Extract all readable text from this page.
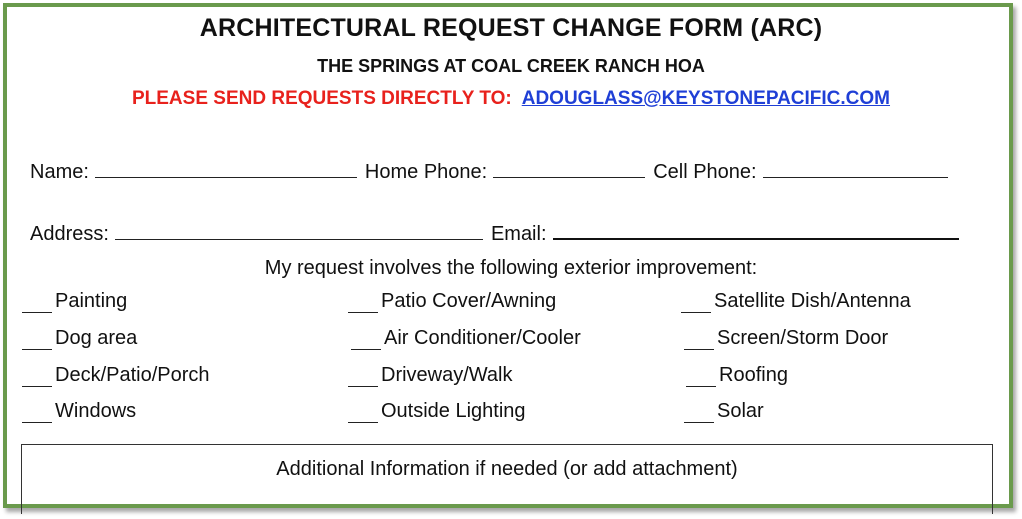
ARCHITECTURAL REQUEST CHANGE FORM (ARC)
THE SPRINGS AT COAL CREEK RANCH HOA
PLEASE SEND REQUESTS DIRECTLY TO: ADOUGLASS@KEYSTONEPACIFIC.COM
Name:	Home Phone:	Cell Phone:
Address:	Email:
My request involves the following exterior improvement:
Painting	Patio Cover/Awning	Satellite Dish/Antenna
Dog area	Air Conditioner/Cooler	Screen/Storm Door
Deck/Patio/Porch	Driveway/Walk	Roofing
Windows	Outside Lighting	Solar
Additional Information if needed (or add attachment)
